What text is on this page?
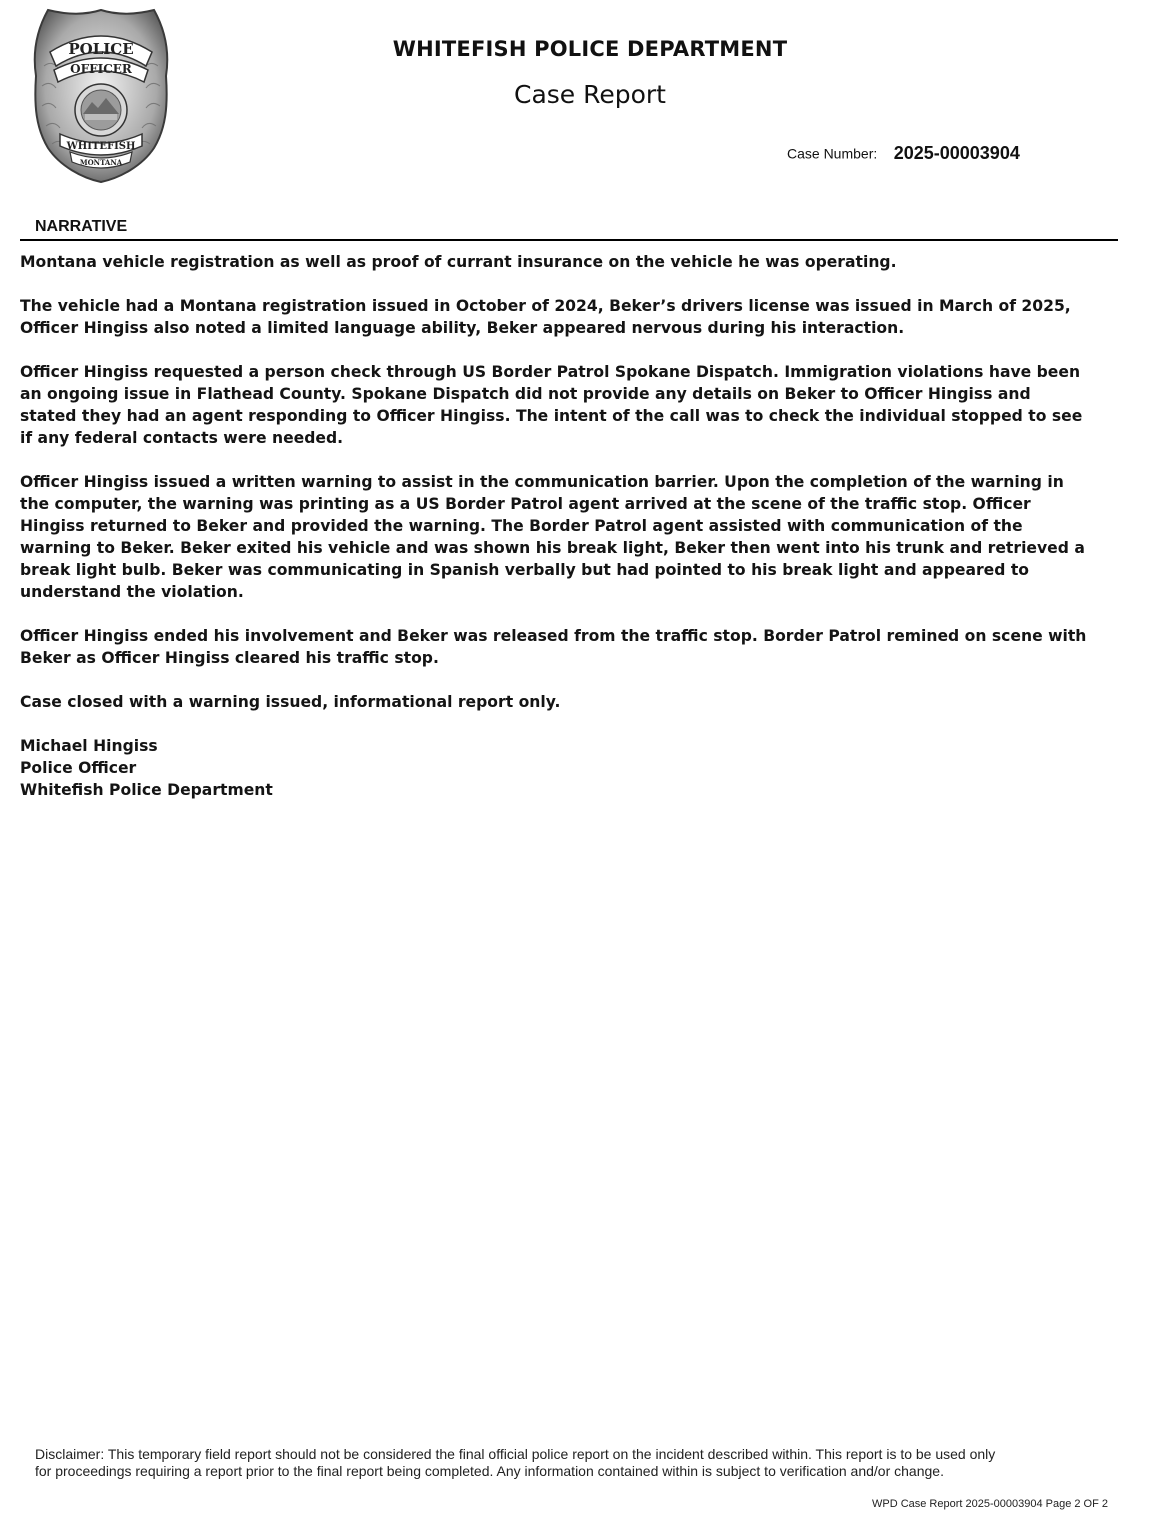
POLICE
OFFICER
WHITEFISH
MONTANA
WHITEFISH POLICE DEPARTMENT
Case Report
Case Number: 2025-00003904
NARRATIVE

Montana vehicle registration as well as proof of currant insurance on the vehicle he was operating.

The vehicle had a Montana registration issued in October of 2024, Beker’s drivers license was issued in March of 2025,
Officer Hingiss also noted a limited language ability, Beker appeared nervous during his interaction.

Officer Hingiss requested a person check through US Border Patrol Spokane Dispatch. Immigration violations have been
an ongoing issue in Flathead County. Spokane Dispatch did not provide any details on Beker to Officer Hingiss and
stated they had an agent responding to Officer Hingiss. The intent of the call was to check the individual stopped to see
if any federal contacts were needed.

Officer Hingiss issued a written warning to assist in the communication barrier. Upon the completion of the warning in
the computer, the warning was printing as a US Border Patrol agent arrived at the scene of the traffic stop. Officer
Hingiss returned to Beker and provided the warning. The Border Patrol agent assisted with communication of the
warning to Beker. Beker exited his vehicle and was shown his break light, Beker then went into his trunk and retrieved a
break light bulb. Beker was communicating in Spanish verbally but had pointed to his break light and appeared to
understand the violation.

Officer Hingiss ended his involvement and Beker was released from the traffic stop. Border Patrol remined on scene with
Beker as Officer Hingiss cleared his traffic stop.

Case closed with a warning issued, informational report only.

Michael Hingiss
Police Officer
Whitefish Police Department
Disclaimer: This temporary field report should not be considered the final official police report on the incident described within. This report is to be used only
for proceedings requiring a report prior to the final report being completed. Any information contained within is subject to verification and/or change.
WPD Case Report 2025-00003904 Page 2 OF 2
